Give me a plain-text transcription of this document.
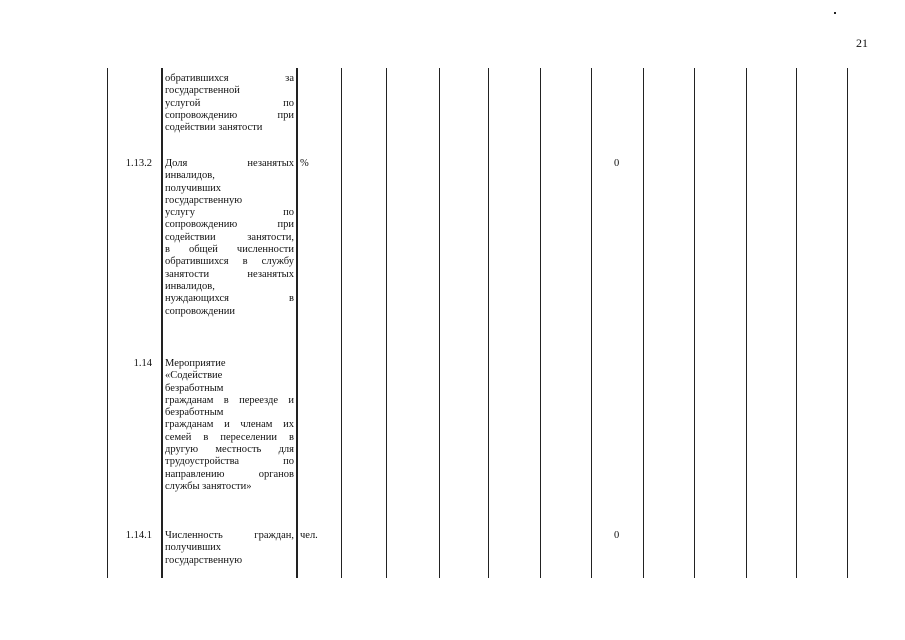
21
обратившихся за
государственной
услугой по
сопровождению при
содействии занятости
1.13.2 Доля незанятых
инвалидов,
получивших
государственную
услугу по
сопровождению при
содействии занятости,
в общей численности
обратившихся в службу
занятости незанятых
инвалидов,
нуждающихся в
сопровождении
%	0
1.14 Мероприятие
«Содействие
безработным
гражданам в переезде и
безработным
гражданам и членам их
семей в переселении в
другую местность для
трудоустройства по
направлению органов
службы занятости»
1.14.1 Численность граждан,
получивших
государственную
чел.	0
